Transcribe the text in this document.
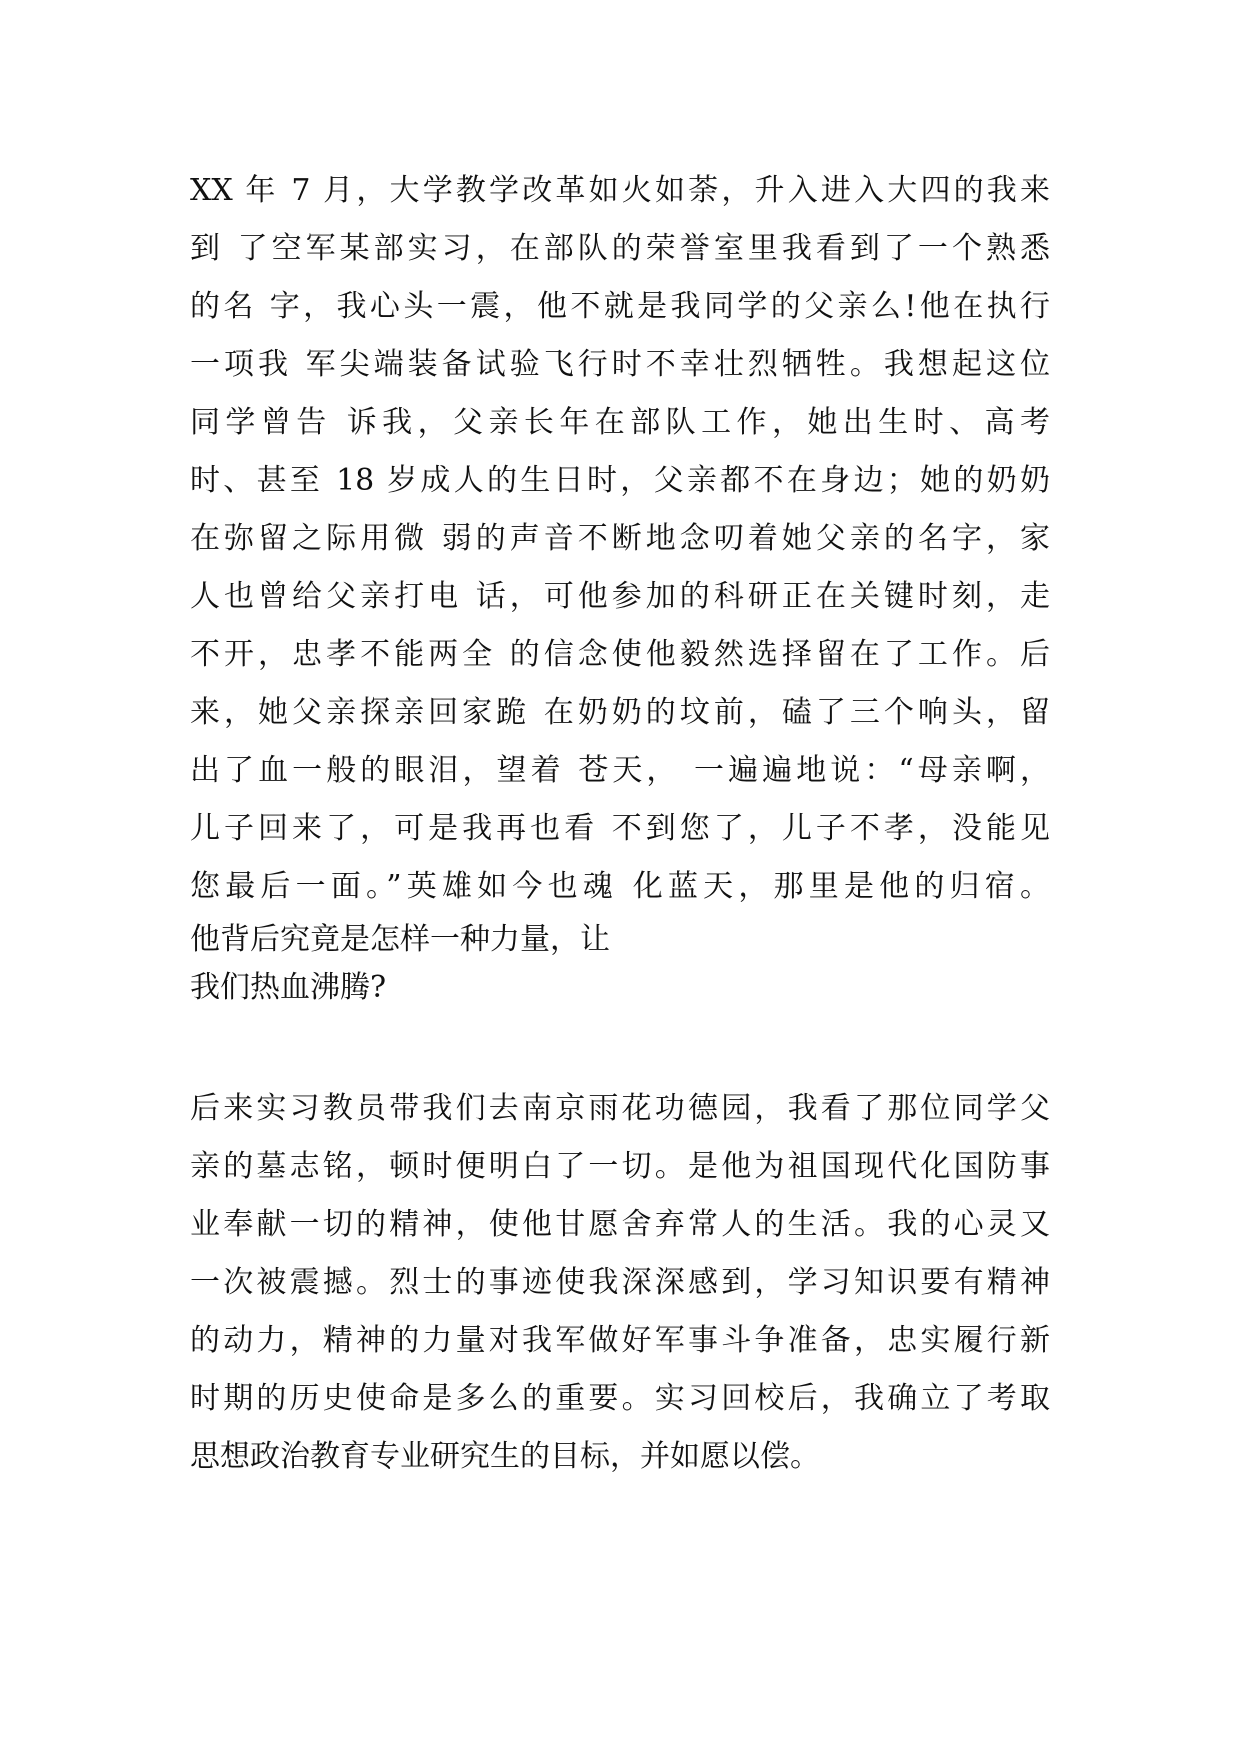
XX 年 7 月，大学教学改革如火如荼，升入进入大四的我来
到 了空军某部实习，在部队的荣誉室里我看到了一个熟悉
的名 字，我心头一震，他不就是我同学的父亲么!他在执行
一项我 军尖端装备试验飞行时不幸壮烈牺牲。我想起这位
同学曾告 诉我，父亲长年在部队工作，她出生时、高考
时、甚至 18 岁成人的生日时，父亲都不在身边；她的奶奶
在弥留之际用微 弱的声音不断地念叨着她父亲的名字，家
人也曾给父亲打电 话，可他参加的科研正在关键时刻，走
不开，忠孝不能两全 的信念使他毅然选择留在了工作。后
来，她父亲探亲回家跪 在奶奶的坟前，磕了三个响头，留
出了血一般的眼泪，望着 苍天， 一遍遍地说：“母亲啊，
儿子回来了，可是我再也看 不到您了，儿子不孝，没能见
您最后一面。”英雄如今也魂 化蓝天，那里是他的归宿。
他背后究竟是怎样一种力量，让
我们热血沸腾?
后来实习教员带我们去南京雨花功德园，我看了那位同学父
亲的墓志铭，顿时便明白了一切。是他为祖国现代化国防事
业奉献一切的精神，使他甘愿舍弃常人的生活。我的心灵又
一次被震撼。烈士的事迹使我深深感到，学习知识要有精神
的动力，精神的力量对我军做好军事斗争准备，忠实履行新
时期的历史使命是多么的重要。实习回校后，我确立了考取
思想政治教育专业研究生的目标，并如愿以偿。
